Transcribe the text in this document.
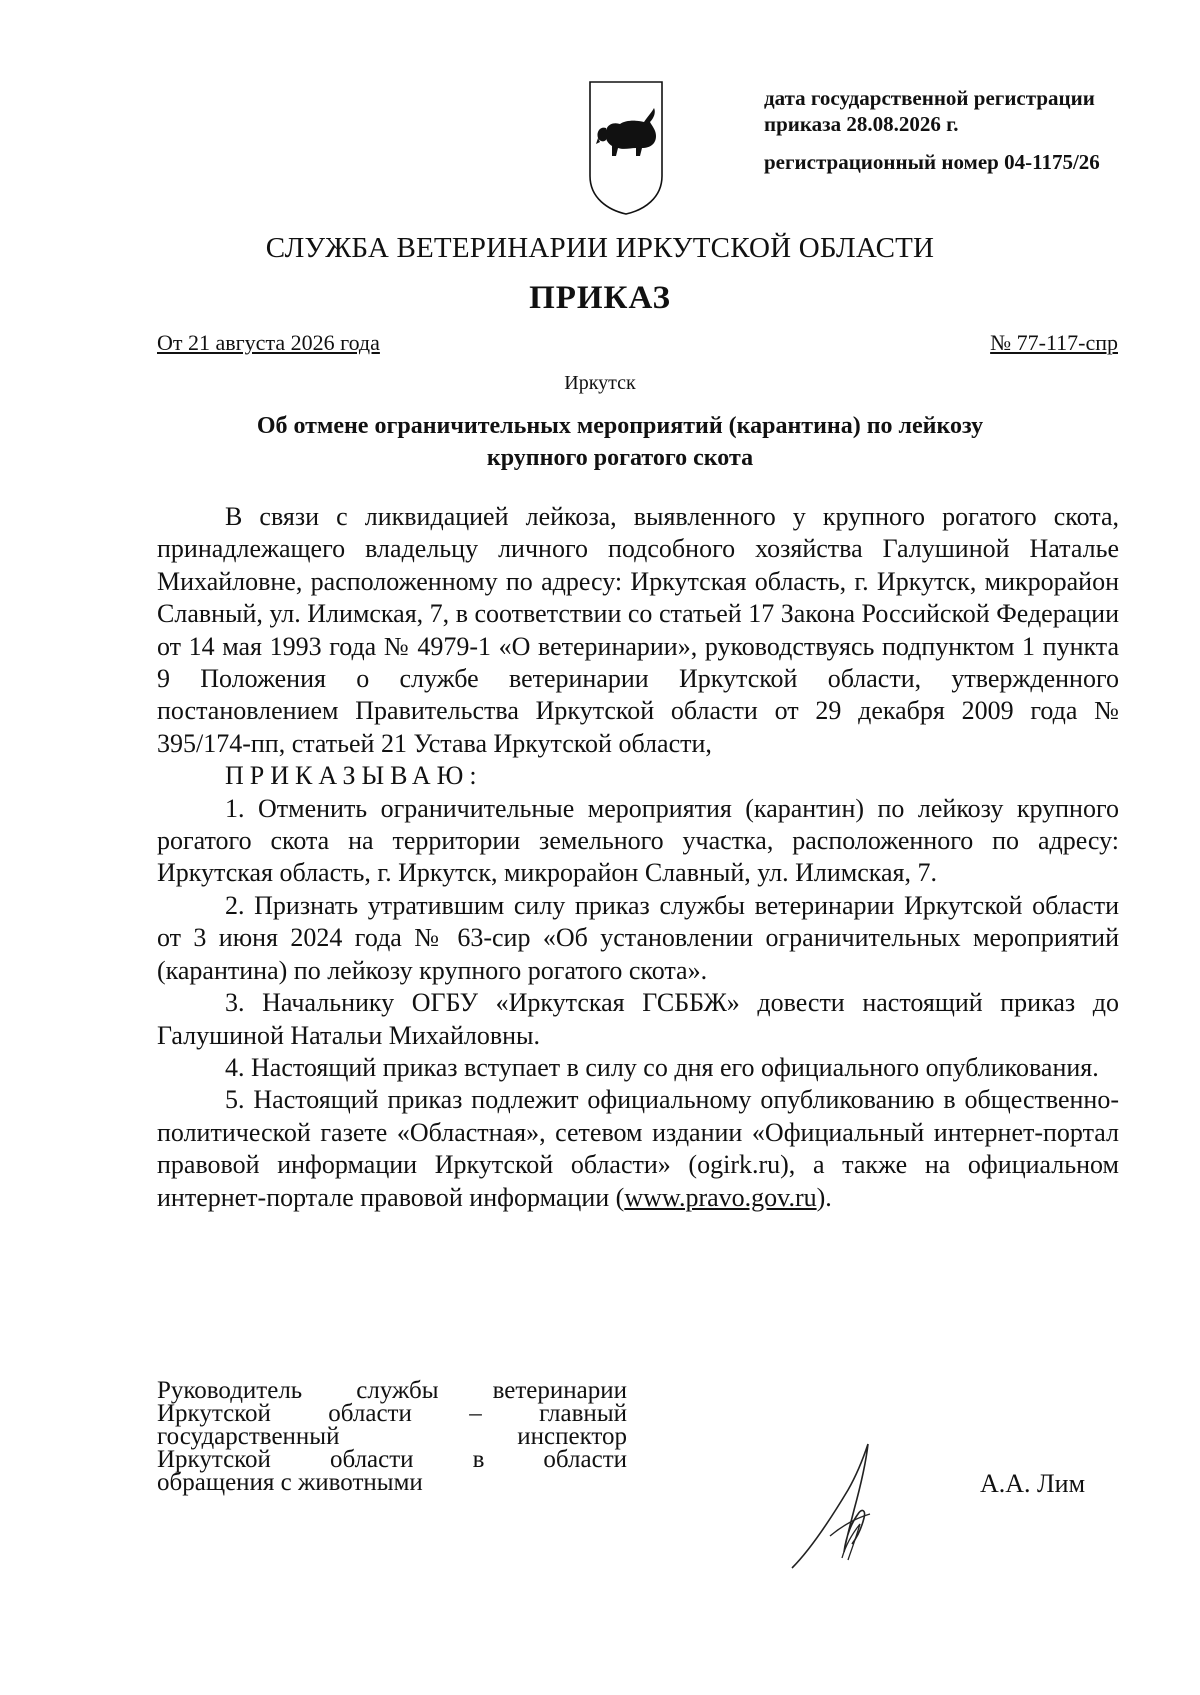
дата государственной регистрации
приказа 28.08.2026 г.
регистрационный номер 04-1175/26
СЛУЖБА ВЕТЕРИНАРИИ ИРКУТСКОЙ ОБЛАСТИ
ПРИКАЗ
От 21 августа 2026 года	№ 77-117-спр
Иркутск
Об отмене ограничительных мероприятий (карантина) по лейкозу
крупного рогатого скота

В связи с ликвидацией лейкоза, выявленного у крупного рогатого скота, принадлежащего владельцу личного подсобного хозяйства Галушиной Наталье Михайловне, расположенному по адресу: Иркутская область, г. Иркутск, микрорайон Славный, ул. Илимская, 7, в соответствии со статьей 17 Закона Российской Федерации от 14 мая 1993 года № 4979-1 «О ветеринарии», руководствуясь подпунктом 1 пункта 9 Положения о службе ветеринарии Иркутской области, утвержденного постановлением Правительства Иркутской области от 29 декабря 2009 года № 395/174-пп, статьей 21 Устава Иркутской области,

ПРИКАЗЫВАЮ:

1. Отменить ограничительные мероприятия (карантин) по лейкозу крупного рогатого скота на территории земельного участка, расположенного по адресу: Иркутская область, г. Иркутск, микрорайон Славный, ул. Илимская, 7.

2. Признать утратившим силу приказ службы ветеринарии Иркутской области от 3 июня 2024 года № 63-сир «Об установлении ограничительных мероприятий (карантина) по лейкозу крупного рогатого скота».

3. Начальнику ОГБУ «Иркутская ГСББЖ» довести настоящий приказ до Галушиной Натальи Михайловны.

4. Настоящий приказ вступает в силу со дня его официального опубликования.

5. Настоящий приказ подлежит официальному опубликованию в общественно-политической газете «Областная», сетевом издании «Официальный интернет-портал правовой информации Иркутской области» (ogirk.ru), а также на официальном интернет-портале правовой информации (www.pravo.gov.ru).

Руководитель службы ветеринарии
Иркутской области – главный
государственный инспектор
Иркутской области в области
обращения с животными	А.А. Лим
